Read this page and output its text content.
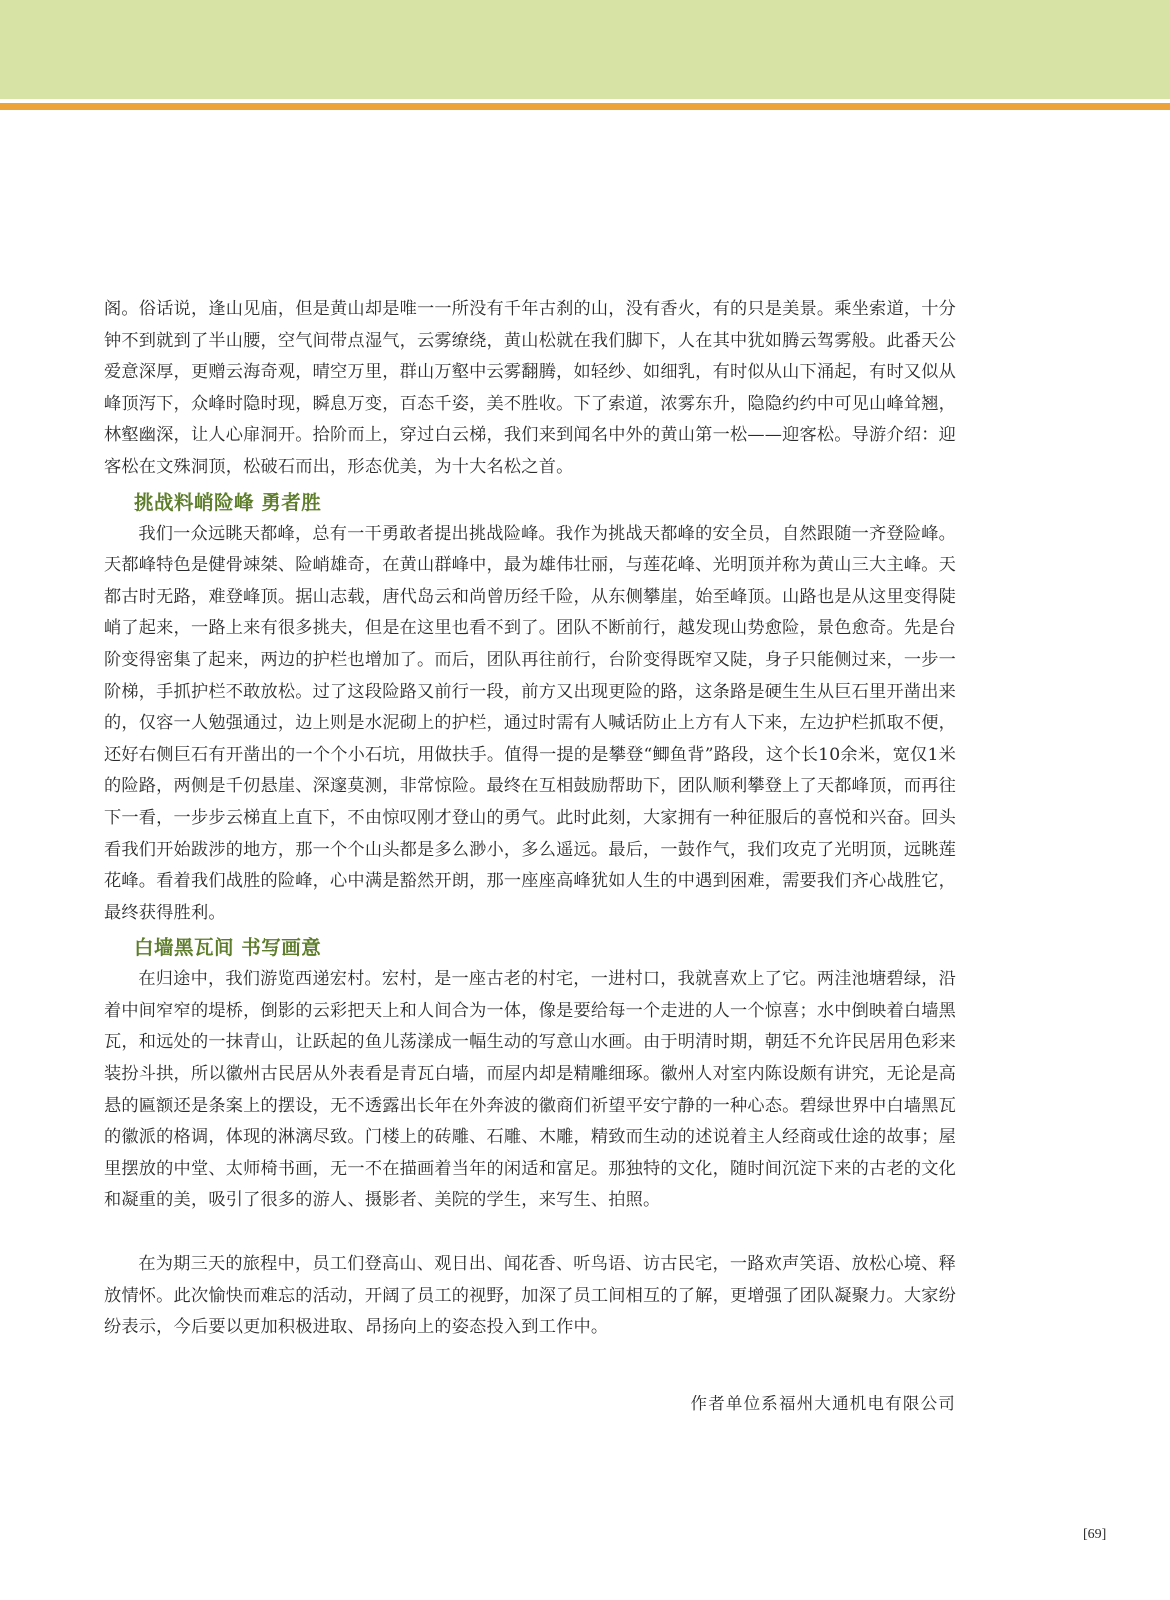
阁。俗话说，逢山见庙，但是黄山却是唯一一所没有千年古刹的山，没有香火，有的只是美景。乘坐索道，十分钟不到就到了半山腰，空气间带点湿气，云雾缭绕，黄山松就在我们脚下，人在其中犹如腾云驾雾般。此番天公爱意深厚，更赠云海奇观，晴空万里，群山万壑中云雾翻腾，如轻纱、如细乳，有时似从山下涌起，有时又似从峰顶泻下，众峰时隐时现，瞬息万变，百态千姿，美不胜收。下了索道，浓雾东升，隐隐约约中可见山峰耸翘，林壑幽深，让人心扉洞开。拾阶而上，穿过白云梯，我们来到闻名中外的黄山第一松——迎客松。导游介绍：迎客松在文殊洞顶，松破石而出，形态优美，为十大名松之首。

挑战料峭险峰 勇者胜

我们一众远眺天都峰，总有一干勇敢者提出挑战险峰。我作为挑战天都峰的安全员，自然跟随一齐登险峰。天都峰特色是健骨竦桀、险峭雄奇，在黄山群峰中，最为雄伟壮丽，与莲花峰、光明顶并称为黄山三大主峰。天都古时无路，难登峰顶。据山志载，唐代岛云和尚曾历经千险，从东侧攀崖，始至峰顶。山路也是从这里变得陡峭了起来，一路上来有很多挑夫，但是在这里也看不到了。团队不断前行，越发现山势愈险，景色愈奇。先是台阶变得密集了起来，两边的护栏也增加了。而后，团队再往前行，台阶变得既窄又陡，身子只能侧过来，一步一阶梯，手抓护栏不敢放松。过了这段险路又前行一段，前方又出现更险的路，这条路是硬生生从巨石里开凿出来的，仅容一人勉强通过，边上则是水泥砌上的护栏，通过时需有人喊话防止上方有人下来，左边护栏抓取不便，还好右侧巨石有开凿出的一个个小石坑，用做扶手。值得一提的是攀登“鲫鱼背”路段，这个长10余米，宽仅1米的险路，两侧是千仞悬崖、深邃莫测，非常惊险。最终在互相鼓励帮助下，团队顺利攀登上了天都峰顶，而再往下一看，一步步云梯直上直下，不由惊叹刚才登山的勇气。此时此刻，大家拥有一种征服后的喜悦和兴奋。回头看我们开始跋涉的地方，那一个个山头都是多么渺小，多么遥远。最后，一鼓作气，我们攻克了光明顶，远眺莲花峰。看着我们战胜的险峰，心中满是豁然开朗，那一座座高峰犹如人生的中遇到困难，需要我们齐心战胜它，最终获得胜利。

白墙黑瓦间 书写画意

在归途中，我们游览西递宏村。宏村，是一座古老的村宅，一进村口，我就喜欢上了它。两洼池塘碧绿，沿着中间窄窄的堤桥，倒影的云彩把天上和人间合为一体，像是要给每一个走进的人一个惊喜；水中倒映着白墙黑瓦，和远处的一抹青山，让跃起的鱼儿荡漾成一幅生动的写意山水画。由于明清时期，朝廷不允许民居用色彩来装扮斗拱，所以徽州古民居从外表看是青瓦白墙，而屋内却是精雕细琢。徽州人对室内陈设颇有讲究，无论是高悬的匾额还是条案上的摆设，无不透露出长年在外奔波的徽商们祈望平安宁静的一种心态。碧绿世界中白墙黑瓦的徽派的格调，体现的淋漓尽致。门楼上的砖雕、石雕、木雕，精致而生动的述说着主人经商或仕途的故事；屋里摆放的中堂、太师椅书画，无一不在描画着当年的闲适和富足。那独特的文化，随时间沉淀下来的古老的文化和凝重的美，吸引了很多的游人、摄影者、美院的学生，来写生、拍照。

在为期三天的旅程中，员工们登高山、观日出、闻花香、听鸟语、访古民宅，一路欢声笑语、放松心境、释放情怀。此次愉快而难忘的活动，开阔了员工的视野，加深了员工间相互的了解，更增强了团队凝聚力。大家纷纷表示，今后要以更加积极进取、昂扬向上的姿态投入到工作中。

作者单位系福州大通机电有限公司
[69]
